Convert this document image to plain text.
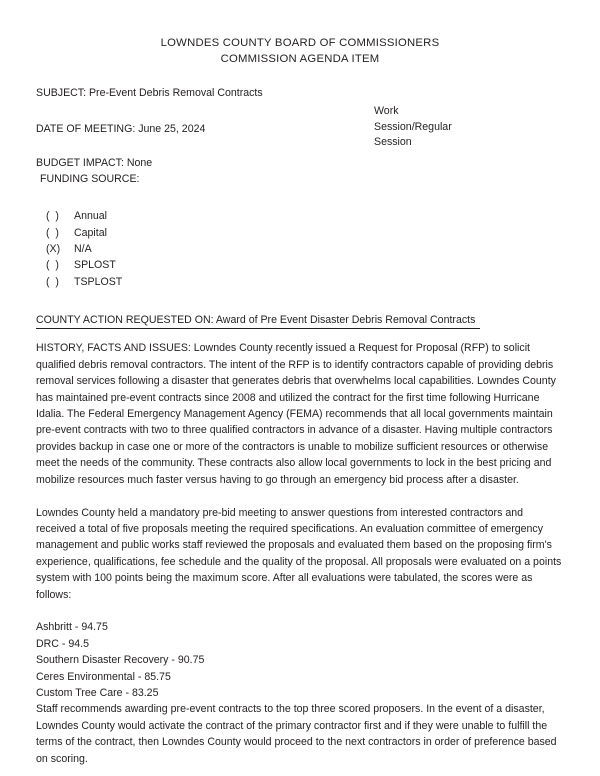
LOWNDES COUNTY BOARD OF COMMISSIONERS
COMMISSION AGENDA ITEM

SUBJECT: Pre-Event Debris Removal Contracts

DATE OF MEETING: June 25, 2024

BUDGET IMPACT: None

FUNDING SOURCE:

Work
Session/Regular
Session
(  )	Annual
(  )	Capital
(X)	N/A
(  )	SPLOST
(  )	TSPLOST

COUNTY ACTION REQUESTED ON: Award of Pre Event Disaster Debris Removal Contracts

HISTORY, FACTS AND ISSUES: Lowndes County recently issued a Request for Proposal (RFP) to solicit qualified debris removal contractors. The intent of the RFP is to identify contractors capable of providing debris removal services following a disaster that generates debris that overwhelms local capabilities. Lowndes County has maintained pre-event contracts since 2008 and utilized the contract for the first time following Hurricane Idalia. The Federal Emergency Management Agency (FEMA) recommends that all local governments maintain pre-event contracts with two to three qualified contractors in advance of a disaster. Having multiple contractors provides backup in case one or more of the contractors is unable to mobilize sufficient resources or otherwise meet the needs of the community. These contracts also allow local governments to lock in the best pricing and mobilize resources much faster versus having to go through an emergency bid process after a disaster.

Lowndes County held a mandatory pre-bid meeting to answer questions from interested contractors and received a total of five proposals meeting the required specifications. An evaluation committee of emergency management and public works staff reviewed the proposals and evaluated them based on the proposing firm's experience, qualifications, fee schedule and the quality of the proposal. All proposals were evaluated on a points system with 100 points being the maximum score. After all evaluations were tabulated, the scores were as follows:

Ashbritt - 94.75
DRC - 94.5
Southern Disaster Recovery - 90.75
Ceres Environmental - 85.75
Custom Tree Care - 83.25

Staff recommends awarding pre-event contracts to the top three scored proposers. In the event of a disaster, Lowndes County would activate the contract of the primary contractor first and if they were unable to fulfill the terms of the contract, then Lowndes County would proceed to the next contractors in order of preference based on scoring.
